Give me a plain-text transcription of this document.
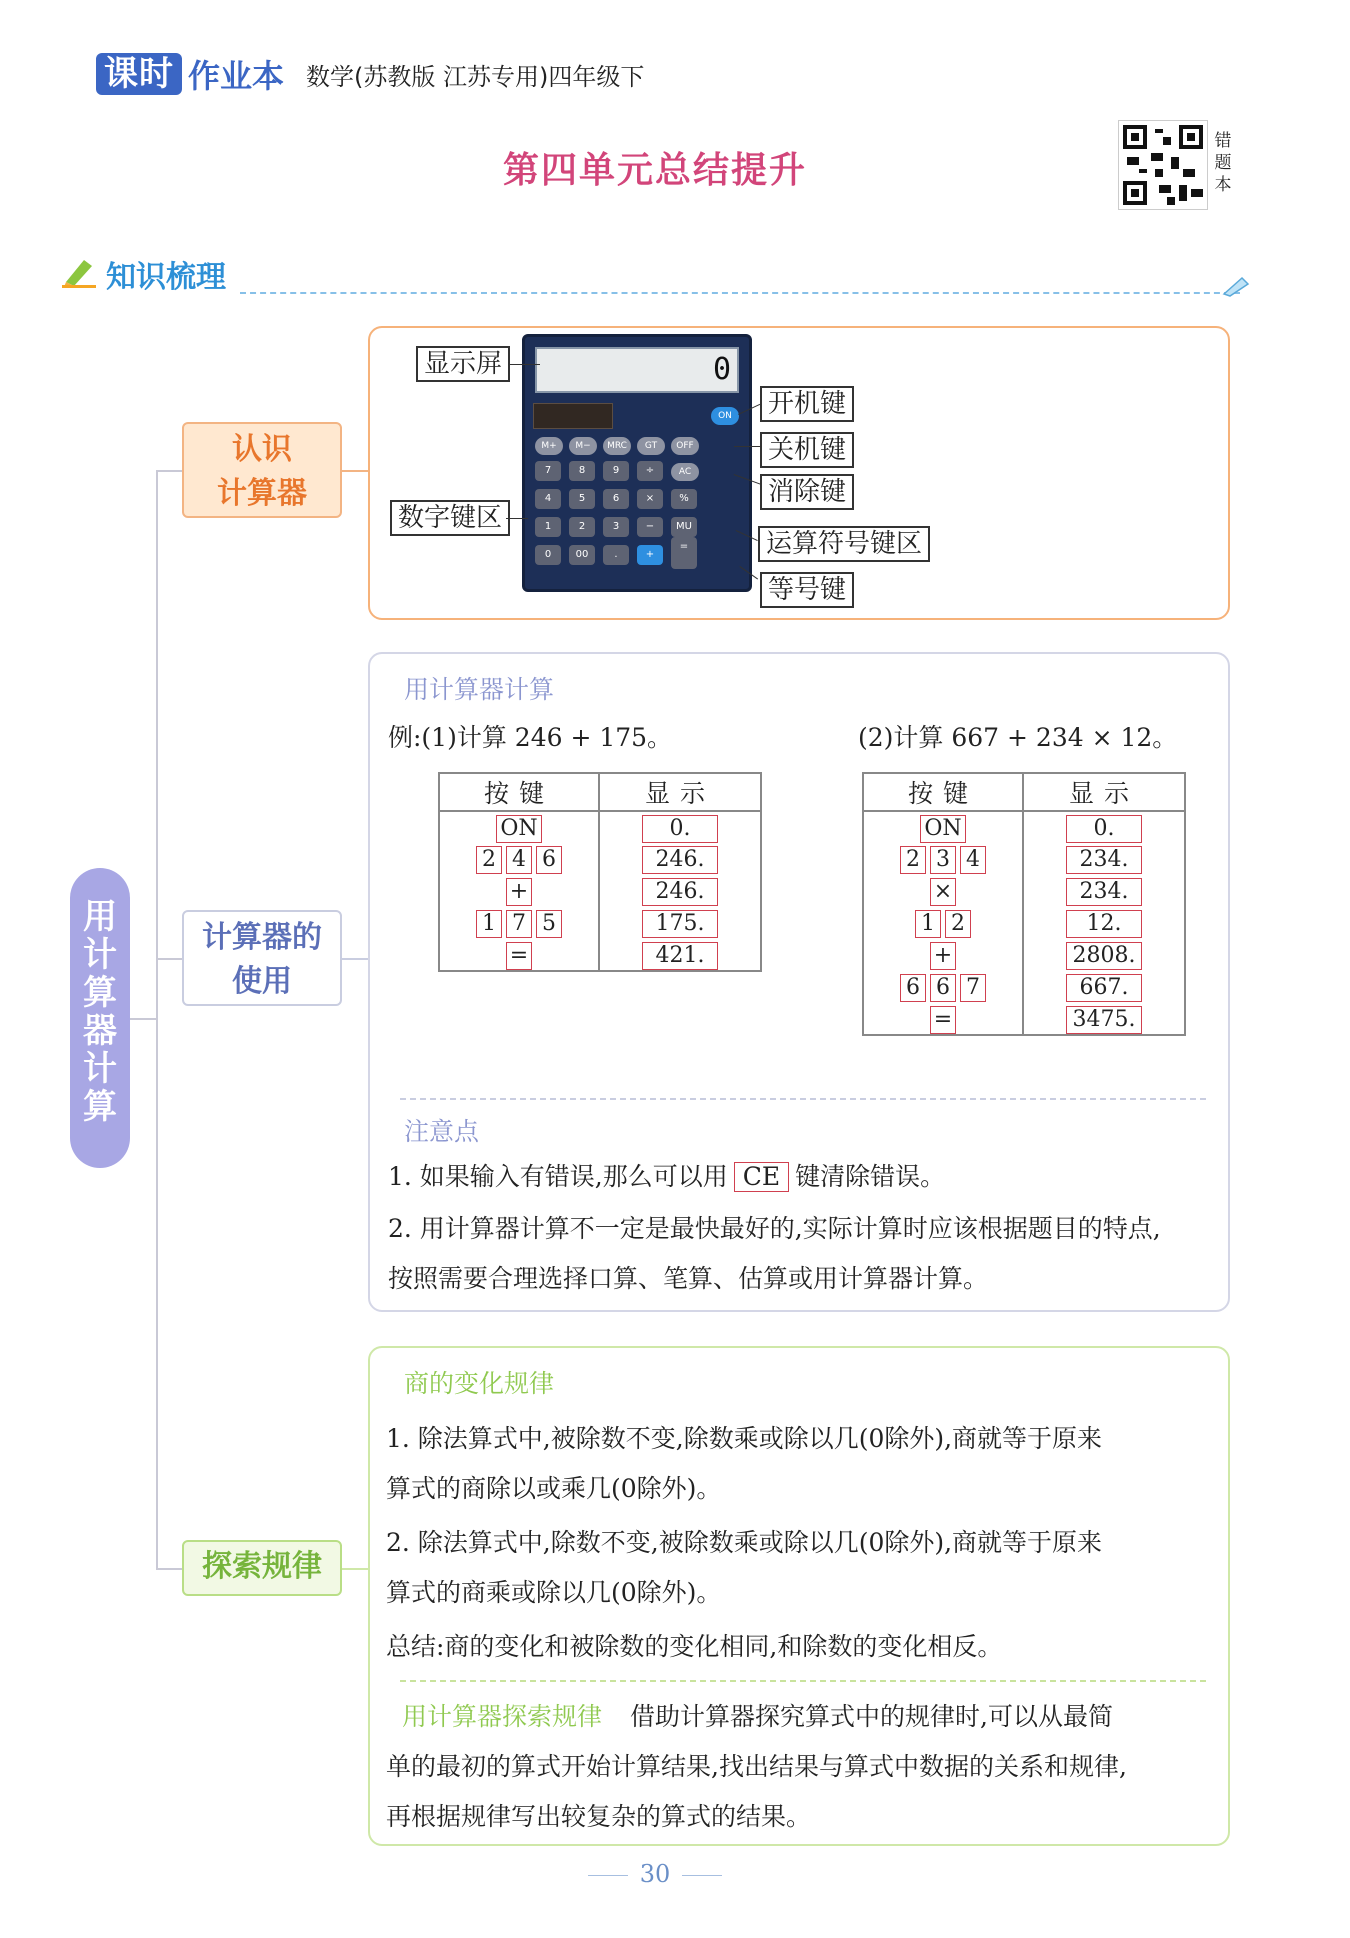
课时 作业本 数学(苏教版 江苏专用)四年级下
第四单元总结提升
错题本
知识梳理
用计算器计算
认识
计算器
计算器的
使用
探索规律
0
ON
M+	M−	MRC	GT	OFF
7	8	9	÷	AC
4	5	6	×	%
1	2	3	−	MU
0	00	.	+
=
显示屏
开机键
关机键
消除键
数字键区
运算符号键区
等号键
用计算器计算
例:(1)计算 246 + 175。	(2)计算 667 + 234 × 12。
按键	显示
ON	0.
2 4 6	246.
+	246.
1 7 5	175.
=	421.
按键	显示
ON	0.
2 3 4	234.
×	234.
1 2	12.
+	2808.
6 6 7	667.
=	3475.
注意点
1. 如果输入有错误,那么可以用 CE 键清除错误。
2. 用计算器计算不一定是最快最好的,实际计算时应该根据题目的特点,
按照需要合理选择口算、笔算、估算或用计算器计算。
商的变化规律
1. 除法算式中,被除数不变,除数乘或除以几(0除外),商就等于原来
算式的商除以或乘几(0除外)。
2. 除法算式中,除数不变,被除数乘或除以几(0除外),商就等于原来
算式的商乘或除以几(0除外)。
总结:商的变化和被除数的变化相同,和除数的变化相反。
用计算器探索规律 借助计算器探究算式中的规律时,可以从最简
单的最初的算式开始计算结果,找出结果与算式中数据的关系和规律,
再根据规律写出较复杂的算式的结果。
30
